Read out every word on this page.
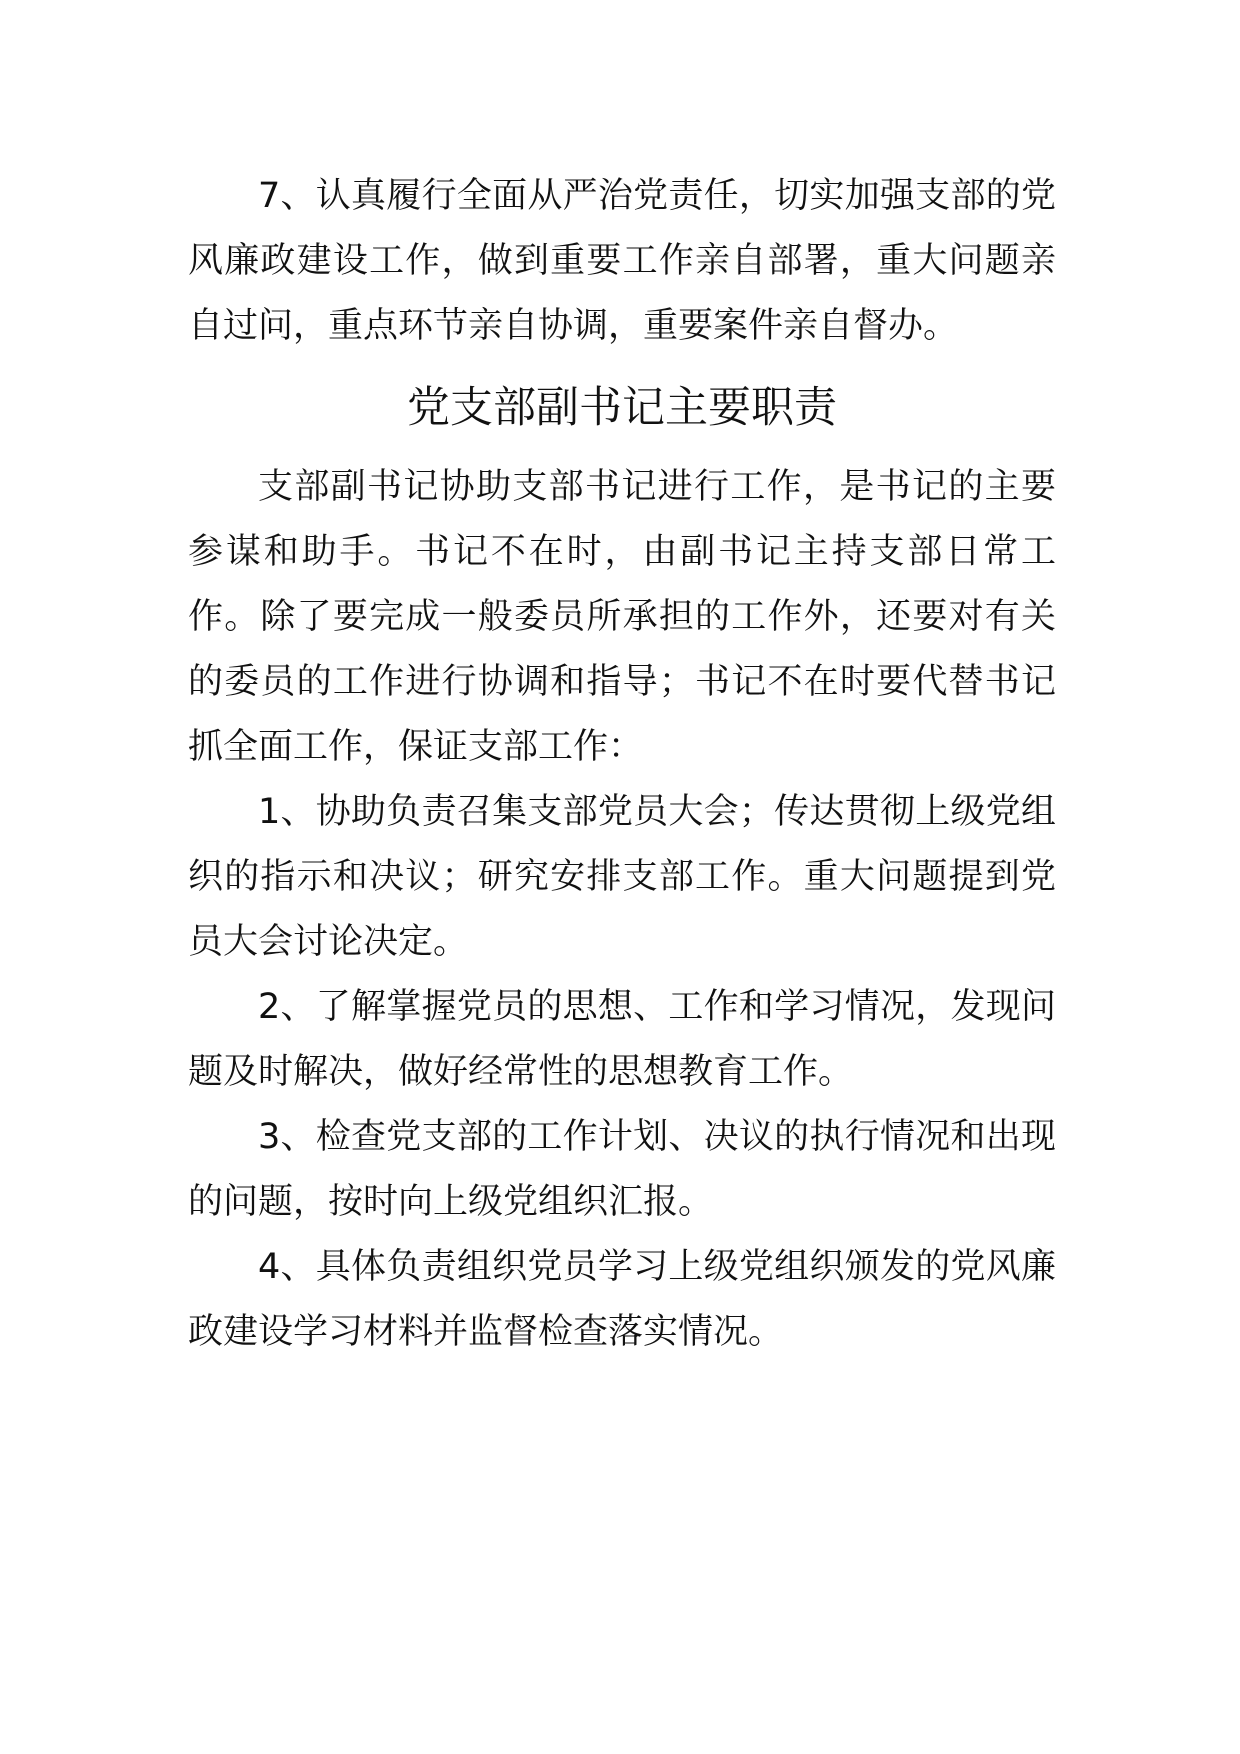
7、认真履行全面从严治党责任，切实加强支部的党风廉政建设工作，做到重要工作亲自部署，重大问题亲自过问，重点环节亲自协调，重要案件亲自督办。

党支部副书记主要职责

支部副书记协助支部书记进行工作，是书记的主要参谋和助手。书记不在时，由副书记主持支部日常工作。除了要完成一般委员所承担的工作外，还要对有关的委员的工作进行协调和指导；书记不在时要代替书记抓全面工作，保证支部工作：

1、协助负责召集支部党员大会；传达贯彻上级党组织的指示和决议；研究安排支部工作。重大问题提到党员大会讨论决定。

2、了解掌握党员的思想、工作和学习情况，发现问题及时解决，做好经常性的思想教育工作。

3、检查党支部的工作计划、决议的执行情况和出现的问题，按时向上级党组织汇报。

4、具体负责组织党员学习上级党组织颁发的党风廉政建设学习材料并监督检查落实情况。
